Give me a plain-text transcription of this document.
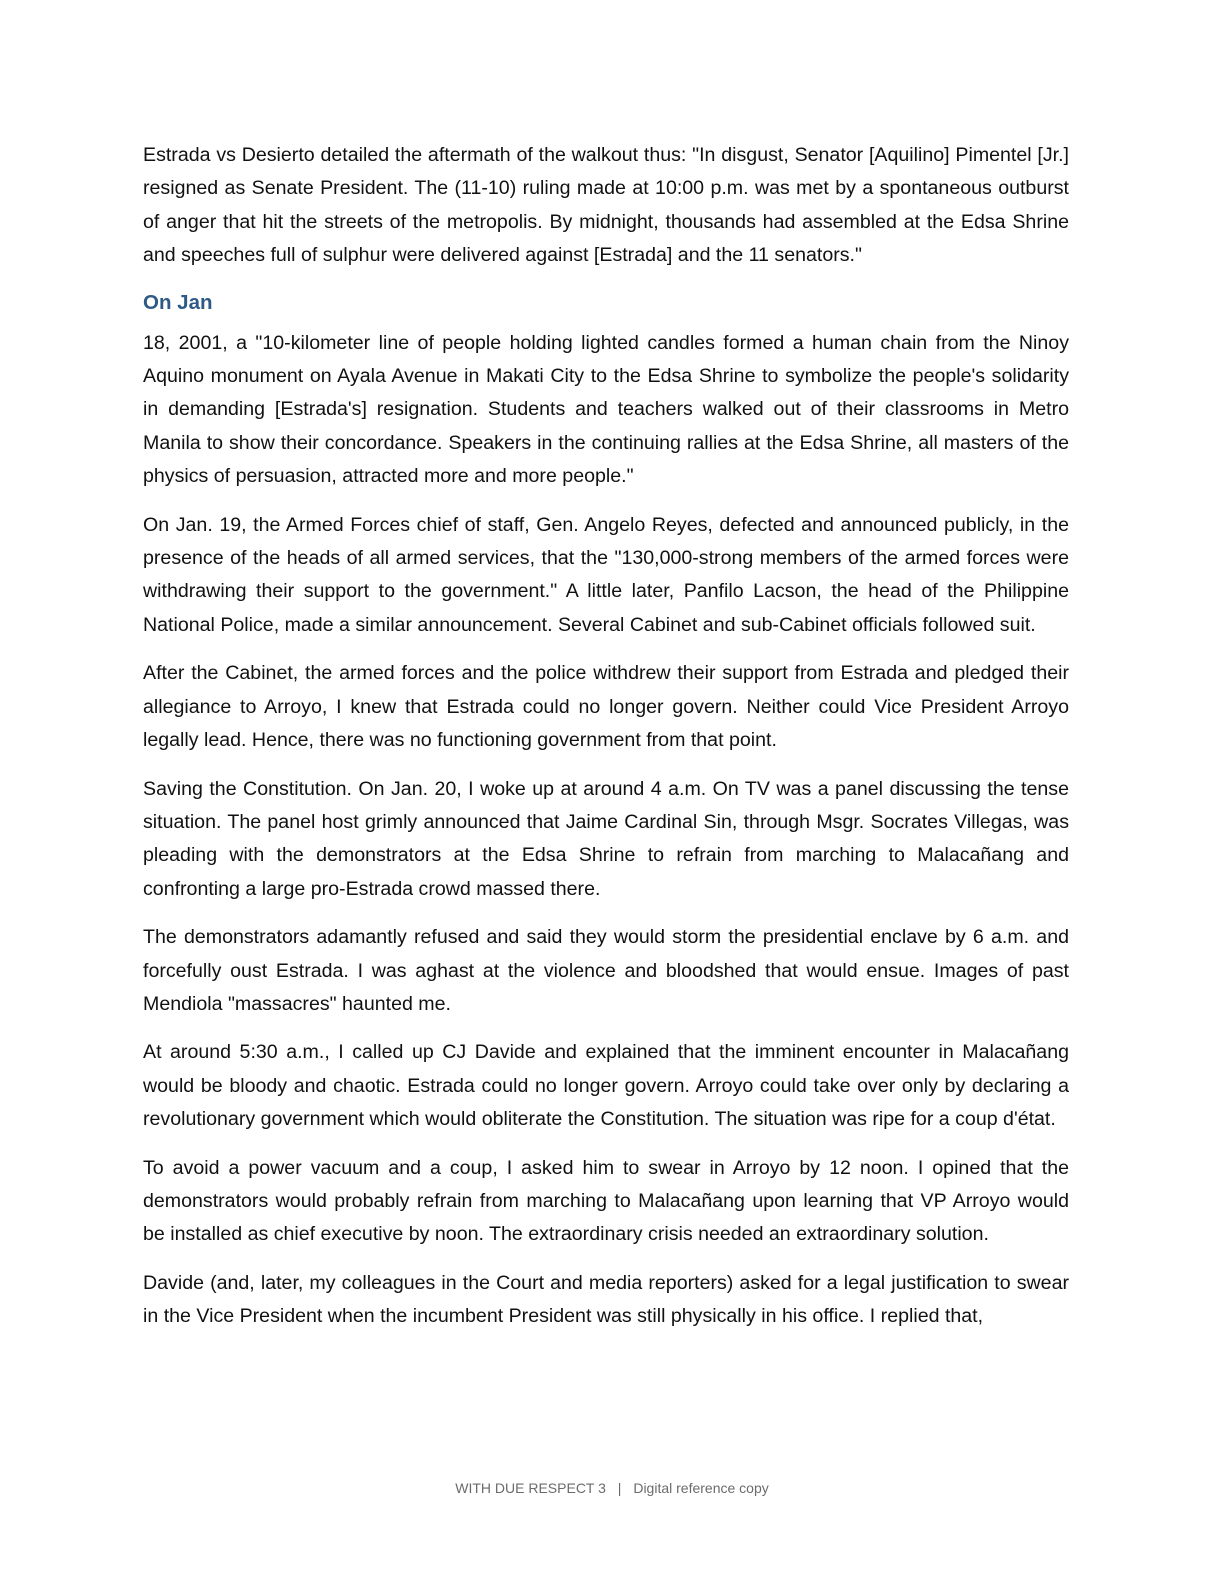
Estrada vs Desierto detailed the aftermath of the walkout thus: "In disgust, Senator [Aquilino] Pimentel [Jr.] resigned as Senate President. The (11-10) ruling made at 10:00 p.m. was met by a spontaneous outburst of anger that hit the streets of the metropolis. By midnight, thousands had assembled at the Edsa Shrine and speeches full of sulphur were delivered against [Estrada] and the 11 senators."

On Jan

18, 2001, a "10-kilometer line of people holding lighted candles formed a human chain from the Ninoy Aquino monument on Ayala Avenue in Makati City to the Edsa Shrine to symbolize the people's solidarity in demanding [Estrada's] resignation. Students and teachers walked out of their classrooms in Metro Manila to show their concordance. Speakers in the continuing rallies at the Edsa Shrine, all masters of the physics of persuasion, attracted more and more people."

On Jan. 19, the Armed Forces chief of staff, Gen. Angelo Reyes, defected and announced publicly, in the presence of the heads of all armed services, that the "130,000-strong members of the armed forces were withdrawing their support to the government." A little later, Panfilo Lacson, the head of the Philippine National Police, made a similar announcement. Several Cabinet and sub-Cabinet officials followed suit.

After the Cabinet, the armed forces and the police withdrew their support from Estrada and pledged their allegiance to Arroyo, I knew that Estrada could no longer govern. Neither could Vice President Arroyo legally lead. Hence, there was no functioning government from that point.

Saving the Constitution. On Jan. 20, I woke up at around 4 a.m. On TV was a panel discussing the tense situation. The panel host grimly announced that Jaime Cardinal Sin, through Msgr. Socrates Villegas, was pleading with the demonstrators at the Edsa Shrine to refrain from marching to Malacañang and confronting a large pro-Estrada crowd massed there.

The demonstrators adamantly refused and said they would storm the presidential enclave by 6 a.m. and forcefully oust Estrada. I was aghast at the violence and bloodshed that would ensue. Images of past Mendiola "massacres" haunted me.

At around 5:30 a.m., I called up CJ Davide and explained that the imminent encounter in Malacañang would be bloody and chaotic. Estrada could no longer govern. Arroyo could take over only by declaring a revolutionary government which would obliterate the Constitution. The situation was ripe for a coup d'état.

To avoid a power vacuum and a coup, I asked him to swear in Arroyo by 12 noon. I opined that the demonstrators would probably refrain from marching to Malacañang upon learning that VP Arroyo would be installed as chief executive by noon. The extraordinary crisis needed an extraordinary solution.

Davide (and, later, my colleagues in the Court and media reporters) asked for a legal justification to swear in the Vice President when the incumbent President was still physically in his office. I replied that,

WITH DUE RESPECT 3 | Digital reference copy
